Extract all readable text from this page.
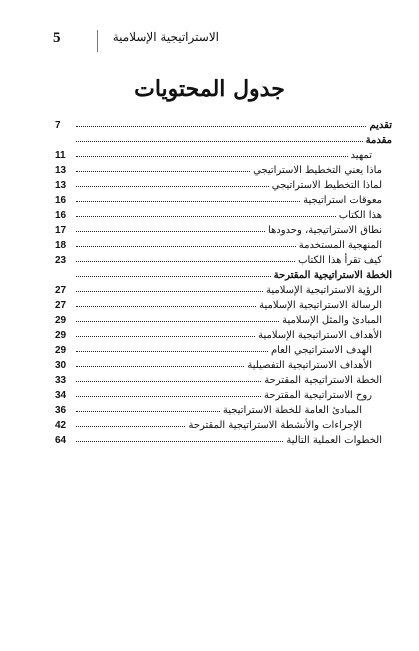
5	الاستراتيجية الإسلامية
جدول المحتويات
تقديم
7
مقدمة
تمهيد
11
ماذا يعني التخطيط الاستراتيجي
13
لماذا التخطيط الاستراتيجي
13
معوقات استراتيجية
16
هذا الكتاب
16
نطاق الاستراتيجية، وحدودها
17
المنهجية المستخدمة
18
كيف تقرأ هذا الكتاب
23
الخطة الاستراتيجية المقترحة
الرؤية الاستراتيجية الإسلامية
27
الرسالة الاستراتيجية الإسلامية
27
المبادئ والمثل الإسلامية
29
الأهداف الاستراتيجية الإسلامية
29
الهدف الاستراتيجي العام
29
الأهداف الاستراتيجية التفصيلية
30
الخطة الاستراتيجية المقترحة
33
روح الاستراتيجية المقترحة
34
المبادئ العامة للخطة الاستراتيجية
36
الإجراءات والأنشطة الاستراتيجية المقترحة
42
الخطوات العملية التالية
64
